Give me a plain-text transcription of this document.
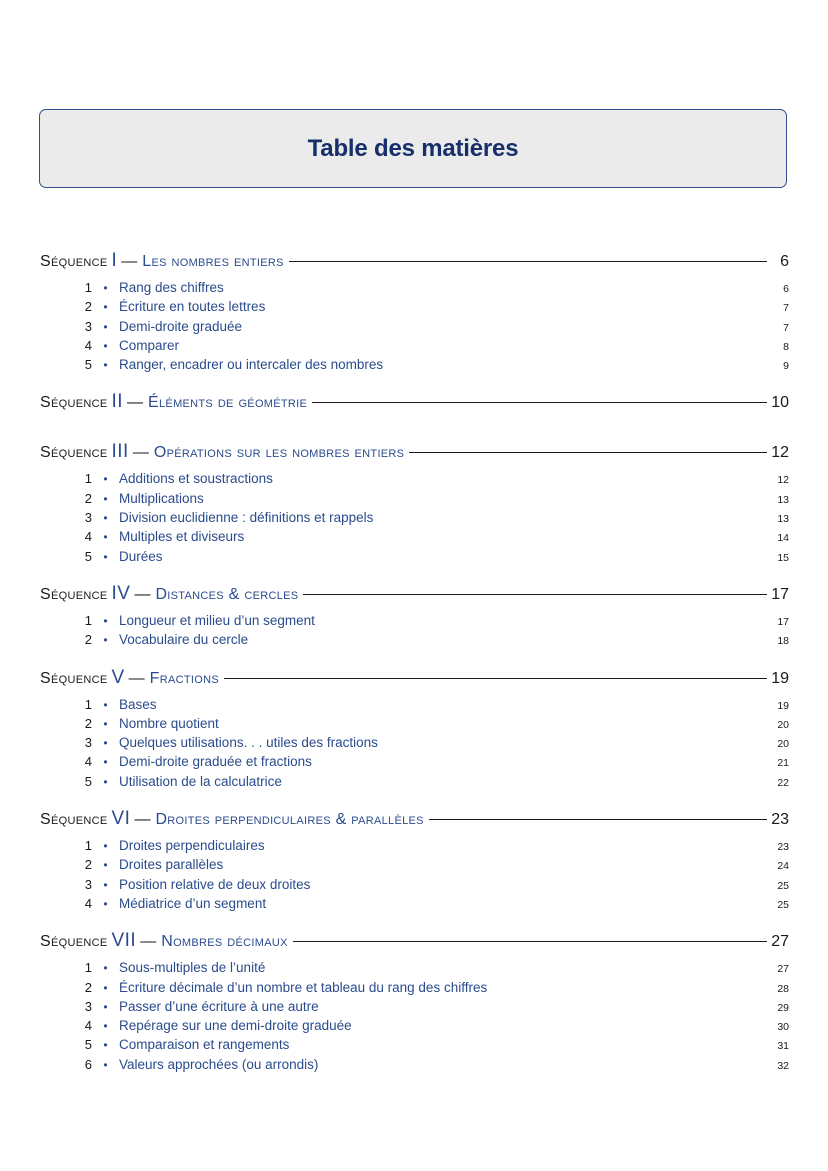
Table des matières
Séquence I — Les nombres entiers	6
1 • Rang des chiffres	6
2 • Écriture en toutes lettres	7
3 • Demi-droite graduée	7
4 • Comparer	8
5 • Ranger, encadrer ou intercaler des nombres	9
Séquence II — Éléments de géométrie	10
Séquence III — Opérations sur les nombres entiers	12
1 • Additions et soustractions	12
2 • Multiplications	13
3 • Division euclidienne : définitions et rappels	13
4 • Multiples et diviseurs	14
5 • Durées	15
Séquence IV — Distances & cercles	17
1 • Longueur et milieu d’un segment	17
2 • Vocabulaire du cercle	18
Séquence V — Fractions	19
1 • Bases	19
2 • Nombre quotient	20
3 • Quelques utilisations. . . utiles des fractions	20
4 • Demi-droite graduée et fractions	21
5 • Utilisation de la calculatrice	22
Séquence VI — Droites perpendiculaires & parallèles	23
1 • Droites perpendiculaires	23
2 • Droites parallèles	24
3 • Position relative de deux droites	25
4 • Médiatrice d’un segment	25
Séquence VII — Nombres décimaux	27
1 • Sous-multiples de l’unité	27
2 • Écriture décimale d’un nombre et tableau du rang des chiffres	28
3 • Passer d’une écriture à une autre	29
4 • Repérage sur une demi-droite graduée	30
5 • Comparaison et rangements	31
6 • Valeurs approchées (ou arrondis)	32
